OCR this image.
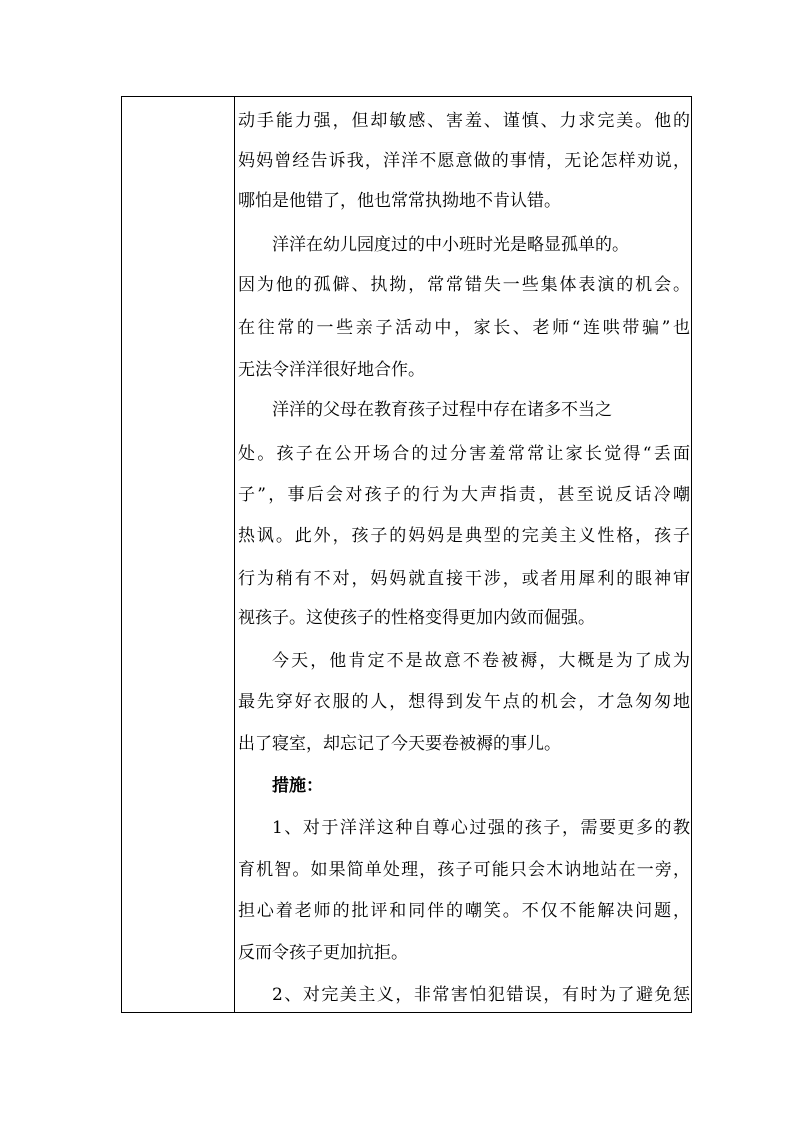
动手能力强，但却敏感、害羞、谨慎、力求完美。他的
妈妈曾经告诉我，洋洋不愿意做的事情，无论怎样劝说，
哪怕是他错了，他也常常执拗地不肯认错。
洋洋在幼儿园度过的中小班时光是略显孤单的。
因为他的孤僻、执拗，常常错失一些集体表演的机会。
在往常的一些亲子活动中，家长、老师“连哄带骗”也
无法令洋洋很好地合作。
洋洋的父母在教育孩子过程中存在诸多不当之
处。孩子在公开场合的过分害羞常常让家长觉得“丢面
子”，事后会对孩子的行为大声指责，甚至说反话冷嘲
热讽。此外，孩子的妈妈是典型的完美主义性格，孩子
行为稍有不对，妈妈就直接干涉，或者用犀利的眼神审
视孩子。这使孩子的性格变得更加内敛而倔强。
今天，他肯定不是故意不卷被褥，大概是为了成为
最先穿好衣服的人，想得到发午点的机会，才急匆匆地
出了寝室，却忘记了今天要卷被褥的事儿。
措施：
1、对于洋洋这种自尊心过强的孩子，需要更多的教
育机智。如果简单处理，孩子可能只会木讷地站在一旁，
担心着老师的批评和同伴的嘲笑。不仅不能解决问题，
反而令孩子更加抗拒。
2、对完美主义，非常害怕犯错误，有时为了避免惩
